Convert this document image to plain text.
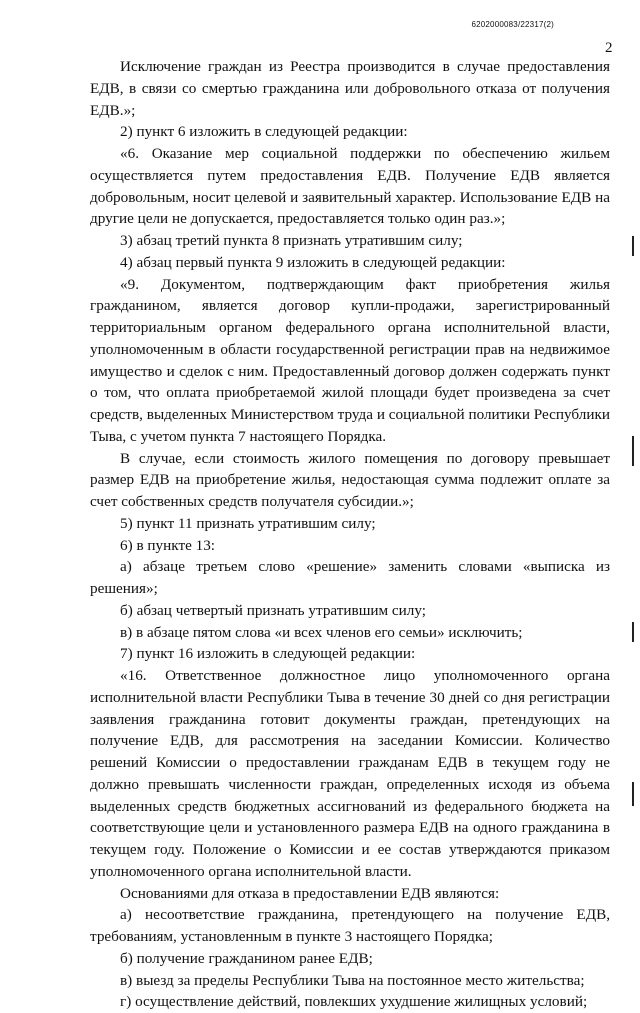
6202000083/22317(2)
2

Исключение граждан из Реестра производится в случае предоставления ЕДВ, в связи со смертью гражданина или добровольного отказа от получения ЕДВ.»;

2) пункт 6 изложить в следующей редакции:

«6. Оказание мер социальной поддержки по обеспечению жильем осуществляется путем предоставления ЕДВ. Получение ЕДВ является добровольным, носит целевой и заявительный характер. Использование ЕДВ на другие цели не допускается, предоставляется только один раз.»;

3) абзац третий пункта 8 признать утратившим силу;

4) абзац первый пункта 9 изложить в следующей редакции:

«9. Документом, подтверждающим факт приобретения жилья гражданином, является договор купли-продажи, зарегистрированный территориальным органом федерального органа исполнительной власти, уполномоченным в области государственной регистрации прав на недвижимое имущество и сделок с ним. Предоставленный договор должен содержать пункт о том, что оплата приобретаемой жилой площади будет произведена за счет средств, выделенных Министерством труда и социальной политики Республики Тыва, с учетом пункта 7 настоящего Порядка.

В случае, если стоимость жилого помещения по договору превышает размер ЕДВ на приобретение жилья, недостающая сумма подлежит оплате за счет собственных средств получателя субсидии.»;

5) пункт 11 признать утратившим силу;

6) в пункте 13:

а) абзаце третьем слово «решение» заменить словами «выписка из решения»;

б) абзац четвертый признать утратившим силу;

в) в абзаце пятом слова «и всех членов его семьи» исключить;

7) пункт 16 изложить в следующей редакции:

«16. Ответственное должностное лицо уполномоченного органа исполнительной власти Республики Тыва в течение 30 дней со дня регистрации заявления гражданина готовит документы граждан, претендующих на получение ЕДВ, для рассмотрения на заседании Комиссии. Количество решений Комиссии о предоставлении гражданам ЕДВ в текущем году не должно превышать численности граждан, определенных исходя из объема выделенных средств бюджетных ассигнований из федерального бюджета на соответствующие цели и установленного размера ЕДВ на одного гражданина в текущем году. Положение о Комиссии и ее состав утверждаются приказом уполномоченного органа исполнительной власти.

Основаниями для отказа в предоставлении ЕДВ являются:

а) несоответствие гражданина, претендующего на получение ЕДВ, требованиям, установленным в пункте 3 настоящего Порядка;

б) получение гражданином ранее ЕДВ;

в) выезд за пределы Республики Тыва на постоянное место жительства;

г) осуществление действий, повлекших ухудшение жилищных условий;
